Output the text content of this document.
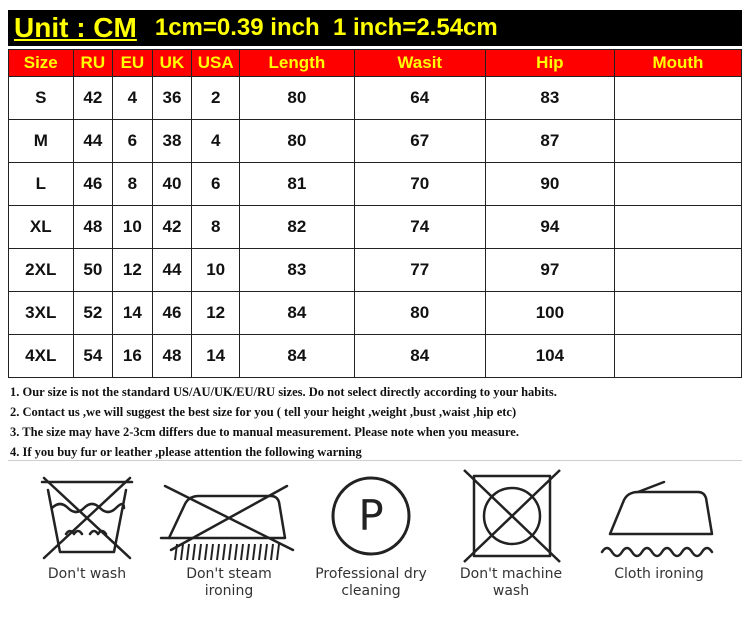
Unit : CM 1cm=0.39 inch  1 inch=2.54cm
Size	RU	EU	UK	USA	Length	Wasit	Hip	Mouth
S	42	4	36	2	80	64	83	
M	44	6	38	4	80	67	87	
L	46	8	40	6	81	70	90	
XL	48	10	42	8	82	74	94	
2XL	50	12	44	10	83	77	97	
3XL	52	14	46	12	84	80	100	
4XL	54	16	48	14	84	84	104	
1. Our size is not the standard US/AU/UK/EU/RU sizes. Do not select directly according to your habits.
2. Contact us ,we will suggest the best size for you ( tell your height ,weight ,bust ,waist ,hip etc)
3. The size may have 2-3cm differs due to manual measurement. Please note when you measure.
4. If you buy fur or leather ,please attention the following warning
Don't wash	Don't steam
ironing
P
Professional dry
cleaning
Don't machine
wash
Cloth ironing
